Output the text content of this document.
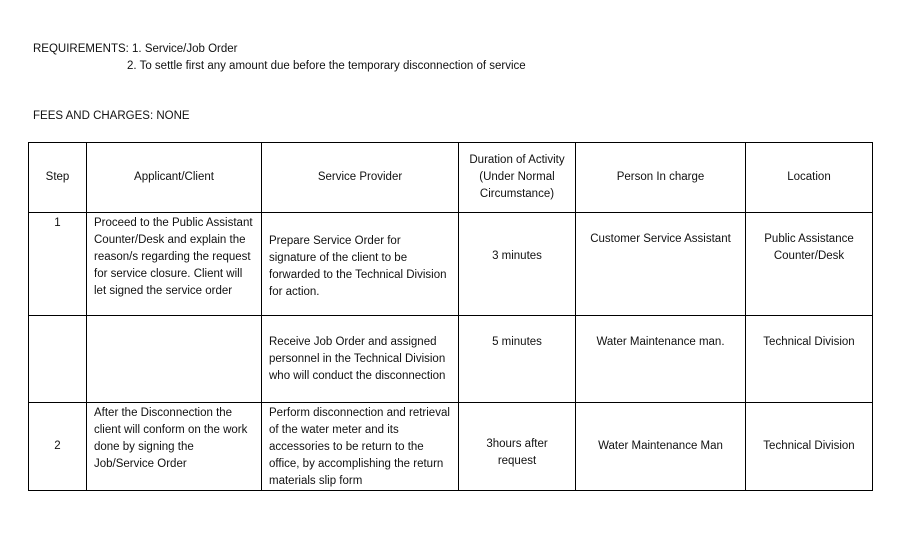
REQUIREMENTS: 1. Service/Job Order
2. To settle first any amount due before the temporary disconnection of service
FEES AND CHARGES: NONE
Step	Applicant/Client	Service Provider	Duration of Activity (Under Normal Circumstance)	Person In charge	Location
1	Proceed to the Public Assistant Counter/Desk and explain the reason/s regarding the request for service closure. Client will let signed the service order	Prepare Service Order for signature of the client to be forwarded to the Technical Division for action.	3 minutes	Customer Service Assistant	Public Assistance Counter/Desk
		Receive Job Order and assigned personnel in the Technical Division who will conduct the disconnection	5 minutes	Water Maintenance man.	Technical Division
2	After the Disconnection the client will conform on the work done by signing the Job/Service Order	Perform disconnection and retrieval of the water meter and its accessories to be return to the office, by accomplishing the return materials slip form	3hours after request	Water Maintenance Man	Technical Division
